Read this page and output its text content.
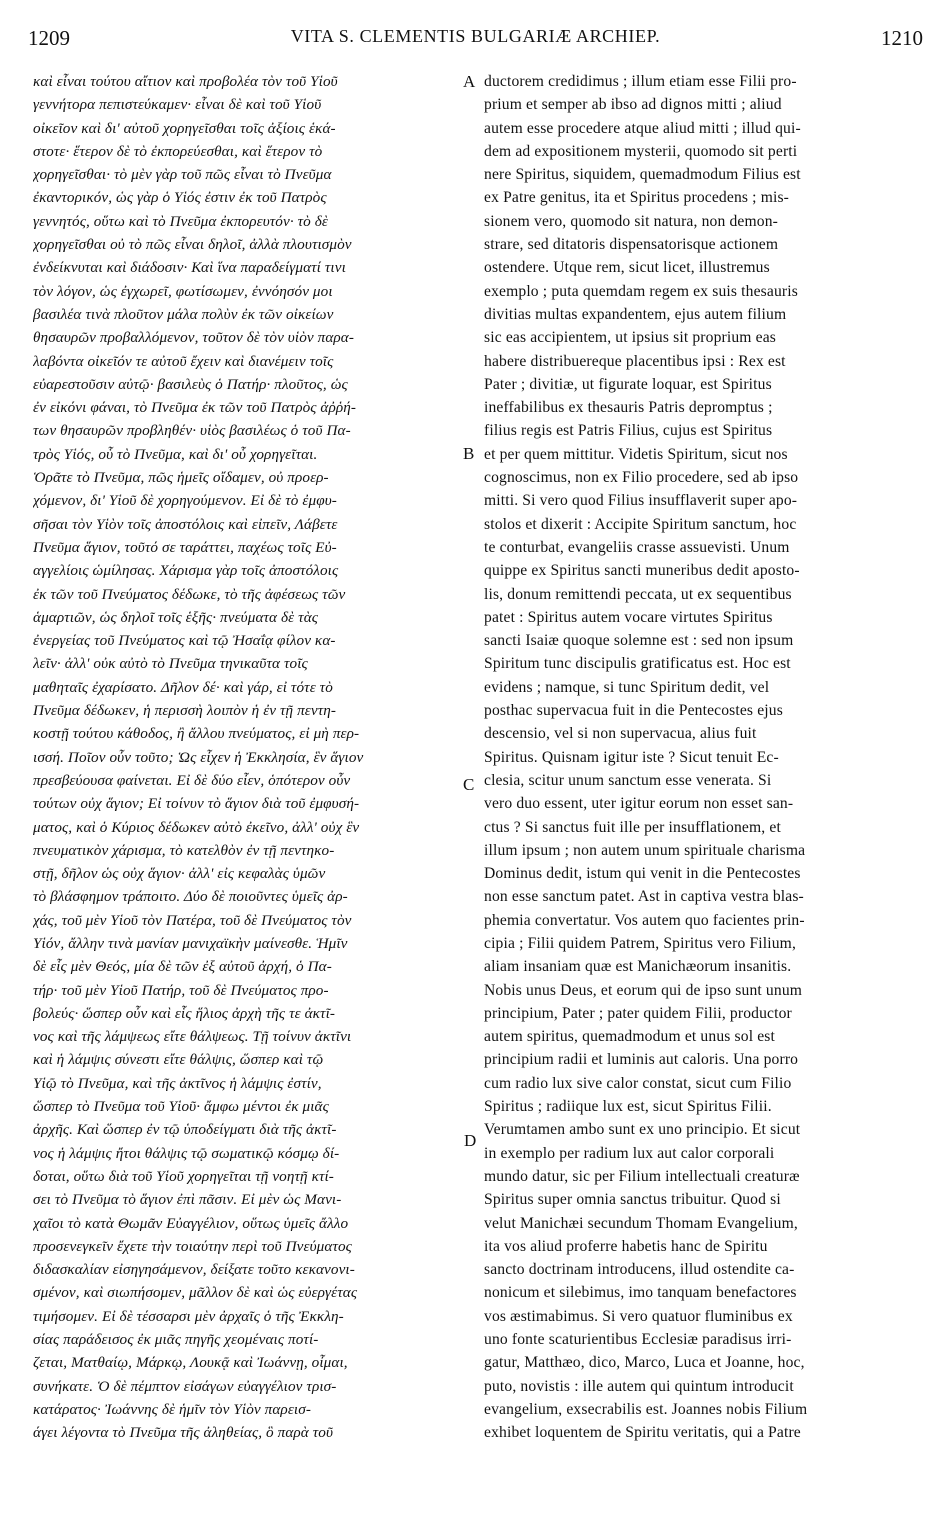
1209	VITA S. CLEMENTIS BULGARIÆ ARCHIEP.	1210
καὶ εἶναι τούτου αἴτιον καὶ προβολέα τὸν τοῦ Υἱοῦ
γεννήτορα πεπιστεύκαμεν· εἶναι δὲ καὶ τοῦ Υἱοῦ
οἰκεῖον καὶ δι' αὐτοῦ χορηγεῖσθαι τοῖς ἀξίοις ἑκά-
στοτε· ἕτερον δὲ τὸ ἐκπορεύεσθαι, καὶ ἕτερον τὸ
χορηγεῖσθαι· τὸ μὲν γὰρ τοῦ πῶς εἶναι τὸ Πνεῦμα
ἐκαντορικόν, ὡς γὰρ ὁ Υἱός ἐστιν ἐκ τοῦ Πατρὸς
γεννητός, οὕτω καὶ τὸ Πνεῦμα ἐκπορευτόν· τὸ δὲ
χορηγεῖσθαι οὐ τὸ πῶς εἶναι δηλοῖ, ἀλλὰ πλουτισμὸν
ἐνδείκνυται καὶ διάδοσιν· Καὶ ἵνα παραδείγματί τινι
τὸν λόγον, ὡς ἐγχωρεῖ, φωτίσωμεν, ἐννόησόν μοι
βασιλέα τινὰ πλοῦτον μάλα πολὺν ἐκ τῶν οἰκείων
θησαυρῶν προβαλλόμενον, τοῦτον δὲ τὸν υἱὸν παρα-
λαβόντα οἰκεῖόν τε αὐτοῦ ἔχειν καὶ διανέμειν τοῖς
εὐαρεστοῦσιν αὐτῷ· βασιλεὺς ὁ Πατήρ· πλοῦτος, ὡς
ἐν εἰκόνι φάναι, τὸ Πνεῦμα ἐκ τῶν τοῦ Πατρὸς ἀῤῥή-
των θησαυρῶν προβληθέν· υἱὸς βασιλέως ὁ τοῦ Πα-
τρὸς Υἱός, οὗ τὸ Πνεῦμα, καὶ δι' οὗ χορηγεῖται.
Ὁρᾶτε τὸ Πνεῦμα, πῶς ἡμεῖς οἴδαμεν, οὐ προερ-
χόμενον, δι' Υἱοῦ δὲ χορηγούμενον. Εἰ δὲ τὸ ἐμφυ-
σῆσαι τὸν Υἱὸν τοῖς ἀποστόλοις καὶ εἰπεῖν, Λάβετε
Πνεῦμα ἅγιον, τοῦτό σε ταράττει, παχέως τοῖς Εὐ-
αγγελίοις ὡμίλησας. Χάρισμα γὰρ τοῖς ἀποστόλοις
ἐκ τῶν τοῦ Πνεύματος δέδωκε, τὸ τῆς ἀφέσεως τῶν
ἁμαρτιῶν, ὡς δηλοῖ τοῖς ἑξῆς· πνεύματα δὲ τὰς
ἐνεργείας τοῦ Πνεύματος καὶ τῷ Ἠσαΐᾳ φίλον κα-
λεῖν· ἀλλ' οὐκ αὐτὸ τὸ Πνεῦμα τηνικαῦτα τοῖς
μαθηταῖς ἐχαρίσατο. Δῆλον δέ· καὶ γάρ, εἰ τότε τὸ
Πνεῦμα δέδωκεν, ἡ περισσὴ λοιπὸν ἡ ἐν τῇ πεντη-
κοστῇ τούτου κάθοδος, ἢ ἄλλου πνεύματος, εἰ μὴ περ-
ισσή. Ποῖον οὖν τοῦτο; Ὡς εἶχεν ἡ Ἐκκλησία, ἓν ἅγιον
πρεσβεύουσα φαίνεται. Εἰ δὲ δύο εἶεν, ὁπότερον οὖν
τούτων οὐχ ἅγιον; Εἰ τοίνυν τὸ ἅγιον διὰ τοῦ ἐμφυσή-
ματος, καὶ ὁ Κύριος δέδωκεν αὐτὸ ἐκεῖνο, ἀλλ' οὐχ ἓν
πνευματικὸν χάρισμα, τὸ κατελθὸν ἐν τῇ πεντηκο-
στῇ, δῆλον ὡς οὐχ ἅγιον· ἀλλ' εἰς κεφαλὰς ὑμῶν
τὸ βλάσφημον τράποιτο. Δύο δὲ ποιοῦντες ὑμεῖς ἀρ-
χάς, τοῦ μὲν Υἱοῦ τὸν Πατέρα, τοῦ δὲ Πνεύματος τὸν
Υἱόν, ἄλλην τινὰ μανίαν μανιχαϊκὴν μαίνεσθε. Ἡμῖν
δὲ εἷς μὲν Θεός, μία δὲ τῶν ἐξ αὐτοῦ ἀρχή, ὁ Πα-
τήρ· τοῦ μὲν Υἱοῦ Πατήρ, τοῦ δὲ Πνεύματος προ-
βολεύς· ὥσπερ οὖν καὶ εἷς ἥλιος ἀρχὴ τῆς τε ἀκτῖ-
νος καὶ τῆς λάμψεως εἴτε θάλψεως. Τῇ τοίνυν ἀκτῖνι
καὶ ἡ λάμψις σύνεστι εἴτε θάλψις, ὥσπερ καὶ τῷ
Υἱῷ τὸ Πνεῦμα, καὶ τῆς ἀκτῖνος ἡ λάμψις ἐστίν,
ὥσπερ τὸ Πνεῦμα τοῦ Υἱοῦ· ἄμφω μέντοι ἐκ μιᾶς
ἀρχῆς. Καὶ ὥσπερ ἐν τῷ ὑποδείγματι διὰ τῆς ἀκτῖ-
νος ἡ λάμψις ἤτοι θάλψις τῷ σωματικῷ κόσμῳ δί-
δοται, οὕτω διὰ τοῦ Υἱοῦ χορηγεῖται τῇ νοητῇ κτί-
σει τὸ Πνεῦμα τὸ ἅγιον ἐπὶ πᾶσιν. Εἰ μὲν ὡς Μανι-
χαῖοι τὸ κατὰ Θωμᾶν Εὐαγγέλιον, οὕτως ὑμεῖς ἄλλο
προσενεγκεῖν ἔχετε τὴν τοιαύτην περὶ τοῦ Πνεύματος
διδασκαλίαν εἰσηγησάμενον, δείξατε τοῦτο κεκανονι-
σμένον, καὶ σιωπήσομεν, μᾶλλον δὲ καὶ ὡς εὐεργέτας
τιμήσομεν. Εἰ δὲ τέσσαρσι μὲν ἀρχαῖς ὁ τῆς Ἐκκλη-
σίας παράδεισος ἐκ μιᾶς πηγῆς χεομέναις ποτί-
ζεται, Ματθαίῳ, Μάρκῳ, Λουκᾷ καὶ Ἰωάννῃ, οἶμαι,
συνήκατε. Ὁ δὲ πέμπτον εἰσάγων εὐαγγέλιον τρισ-
κατάρατος· Ἰωάννης δὲ ἡμῖν τὸν Υἱὸν παρεισ-
άγει λέγοντα τὸ Πνεῦμα τῆς ἀληθείας, ὃ παρὰ τοῦ
A
B
C
D
ductorem credidimus ; illum etiam esse Filii pro-
prium et semper ab ibso ad dignos mitti ; aliud
autem esse procedere atque aliud mitti ; illud qui-
dem ad expositionem mysterii, quomodo sit perti
nere Spiritus, siquidem, quemadmodum Filius est
ex Patre genitus, ita et Spiritus procedens ; mis-
sionem vero, quomodo sit natura, non demon-
strare, sed ditatoris dispensatorisque actionem
ostendere. Utque rem, sicut licet, illustremus
exemplo ; puta quemdam regem ex suis thesauris
divitias multas expandentem, ejus autem filium
sic eas accipientem, ut ipsius sit proprium eas
habere distribuereque placentibus ipsi : Rex est
Pater ; divitiæ, ut figurate loquar, est Spiritus
ineffabilibus ex thesauris Patris depromptus ;
filius regis est Patris Filius, cujus est Spiritus
et per quem mittitur. Videtis Spiritum, sicut nos
cognoscimus, non ex Filio procedere, sed ab ipso
mitti. Si vero quod Filius insufflaverit super apo-
stolos et dixerit : Accipite Spiritum sanctum, hoc
te conturbat, evangeliis crasse assuevisti. Unum
quippe ex Spiritus sancti muneribus dedit aposto-
lis, donum remittendi peccata, ut ex sequentibus
patet : Spiritus autem vocare virtutes Spiritus
sancti Isaiæ quoque solemne est : sed non ipsum
Spiritum tunc discipulis gratificatus est. Hoc est
evidens ; namque, si tunc Spiritum dedit, vel
posthac supervacua fuit in die Pentecostes ejus
descensio, vel si non supervacua, alius fuit
Spiritus. Quisnam igitur iste ? Sicut tenuit Ec-
clesia, scitur unum sanctum esse venerata. Si
vero duo essent, uter igitur eorum non esset san-
ctus ? Si sanctus fuit ille per insufflationem, et
illum ipsum ; non autem unum spirituale charisma
Dominus dedit, istum qui venit in die Pentecostes
non esse sanctum patet. Ast in captiva vestra blas-
phemia convertatur. Vos autem quo facientes prin-
cipia ; Filii quidem Patrem, Spiritus vero Filium,
aliam insaniam quæ est Manichæorum insanitis.
Nobis unus Deus, et eorum qui de ipso sunt unum
principium, Pater ; pater quidem Filii, productor
autem spiritus, quemadmodum et unus sol est
principium radii et luminis aut caloris. Una porro
cum radio lux sive calor constat, sicut cum Filio
Spiritus ; radiique lux est, sicut Spiritus Filii.
Verumtamen ambo sunt ex uno principio. Et sicut
in exemplo per radium lux aut calor corporali
mundo datur, sic per Filium intellectuali creaturæ
Spiritus super omnia sanctus tribuitur. Quod si
velut Manichæi secundum Thomam Evangelium,
ita vos aliud proferre habetis hanc de Spiritu
sancto doctrinam introducens, illud ostendite ca-
nonicum et silebimus, imo tanquam benefactores
vos æstimabimus. Si vero quatuor fluminibus ex
uno fonte scaturientibus Ecclesiæ paradisus irri-
gatur, Matthæo, dico, Marco, Luca et Joanne, hoc,
puto, novistis : ille autem qui quintum introducit
evangelium, exsecrabilis est. Joannes nobis Filium
exhibet loquentem de Spiritu veritatis, qui a Patre
